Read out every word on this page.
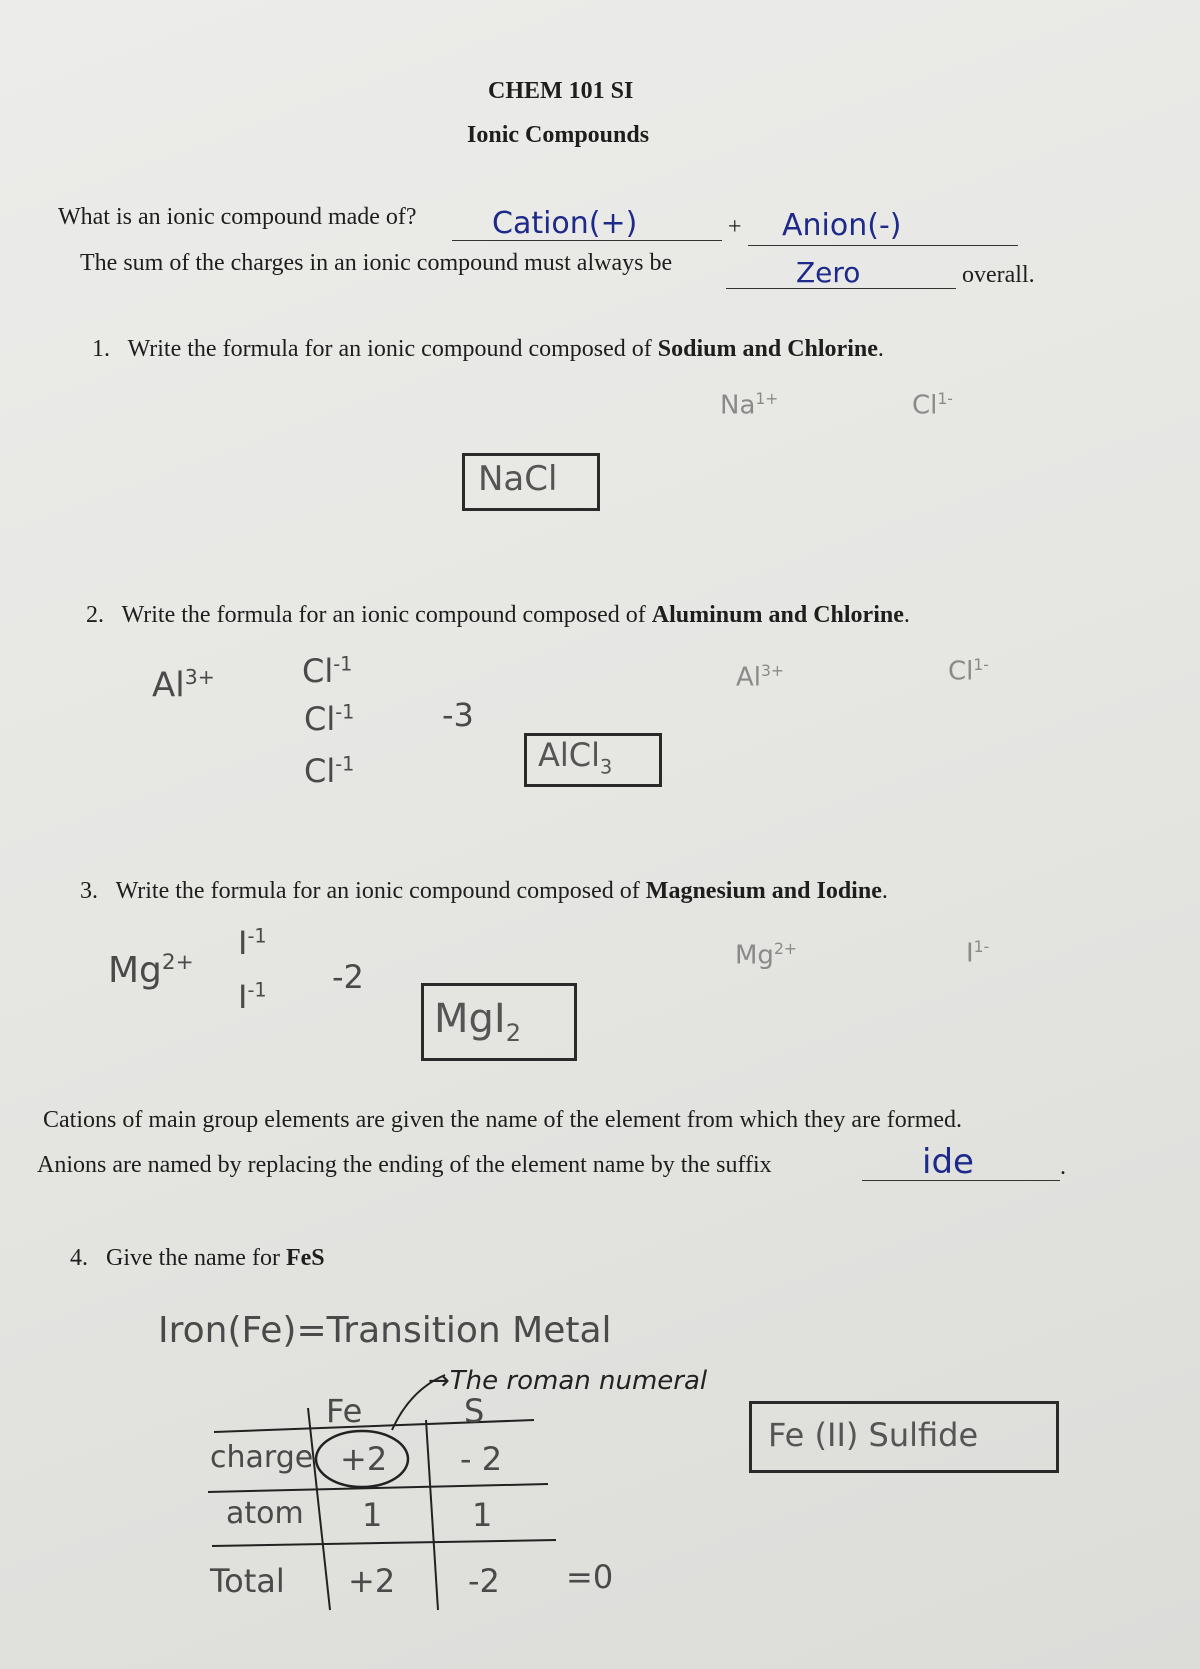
CHEM 101 SI
Ionic Compounds
What is an ionic compound made of?	Cation(+)	+ Anion(-)
The sum of the charges in an ionic compound must always be	Zero	overall.
1. Write the formula for an ionic compound composed of Sodium and Chlorine.
$Na^{1+}$	$Cl^{1-}$
NaCl
2. Write the formula for an ionic compound composed of Aluminum and Chlorine.
$Al^{3+}$	$Cl^{-1}$
$Cl^{-1}$
$Cl^{-1}$
-3
$Al^{3+}$	$Cl^{1-}$
AlCl$_3$
3. Write the formula for an ionic compound composed of Magnesium and Iodine.
$Mg^{2+}$
$I^{-1}$
$I^{-1}$ -2
$Mg^{2+}$	$I^{1-}$
MgI$_2$
Cations of main group elements are given the name of the element from which they are formed.
Anions are named by replacing the ending of the element name by the suffix	ide	.
4. Give the name for FeS
Iron(Fe)=Transition Metal
→The roman numeral
Fe	S
charge +2 - 2
atom 1	1
Total +2 -2 =0
Fe (II) Sulfide
